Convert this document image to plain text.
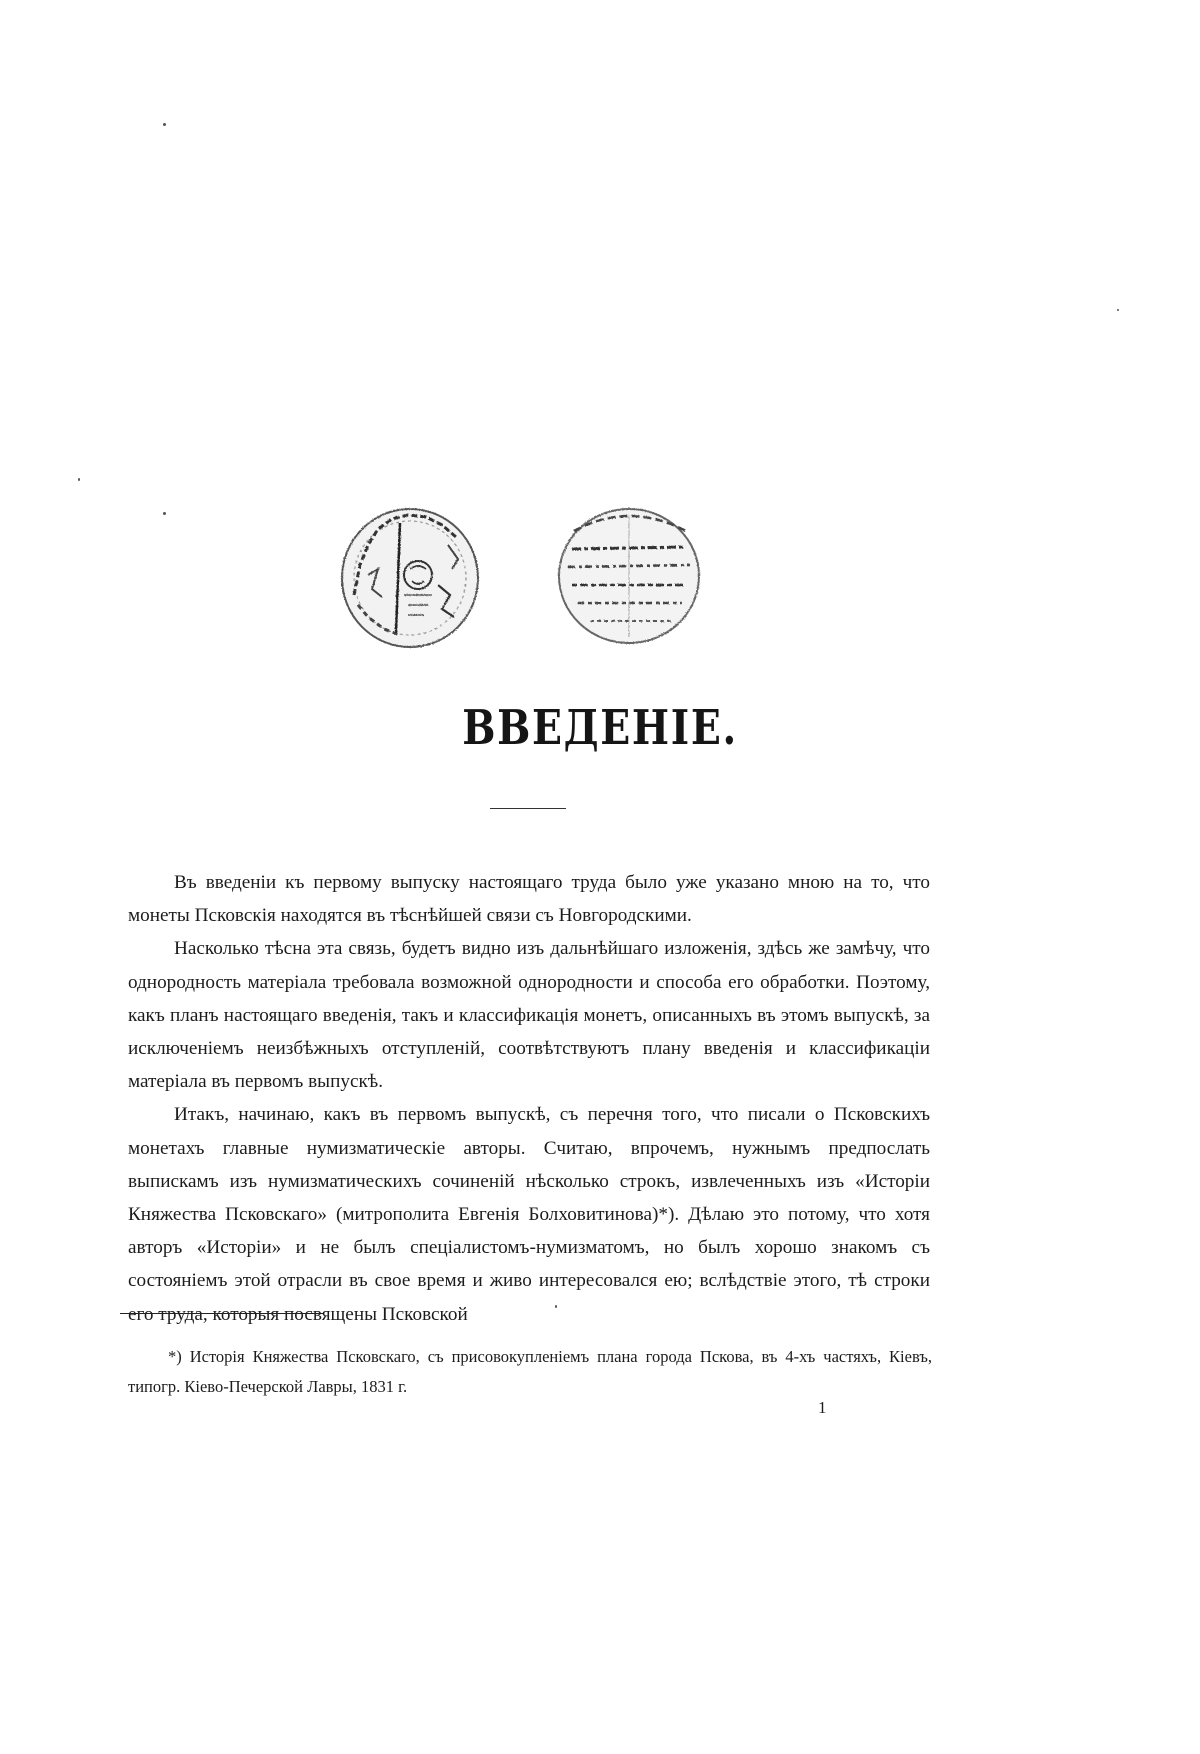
ВВЕДЕНІЕ.

Въ введеніи къ первому выпуску настоящаго труда было уже указано мною на то, что монеты Псковскія находятся въ тѣснѣйшей связи съ Новгородскими.

Насколько тѣсна эта связь, будетъ видно изъ дальнѣйшаго изложенія, здѣсь же замѣчу, что однородность матеріала требовала возможной однородности и способа его обработки. Поэтому, какъ планъ настоящаго введенія, такъ и классификація монетъ, описанныхъ въ этомъ выпускѣ, за исключеніемъ неизбѣжныхъ отступленій, соотвѣтствуютъ плану введенія и классификаціи матеріала въ первомъ выпускѣ.

Итакъ, начинаю, какъ въ первомъ выпускѣ, съ перечня того, что писали о Псковскихъ монетахъ главные нумизматическіе авторы. Считаю, впрочемъ, нужнымъ предпослать выпискамъ изъ нумизматическихъ сочиненій нѣсколько строкъ, извлеченныхъ изъ «Исторіи Княжества Псковскаго» (митрополита Евгенія Болховитинова)*). Дѣлаю это потому, что хотя авторъ «Исторіи» и не былъ спеціалистомъ-нумизматомъ, но былъ хорошо знакомъ съ состояніемъ этой отрасли въ свое время и живо интересовался ею; вслѣдствіе этого, тѣ строки его труда, которыя посвящены Псковской

*) Исторія Княжества Псковскаго, съ присовокупленіемъ плана города Пскова, въ 4-хъ частяхъ, Кіевъ, типогр. Кіево-Печерской Лавры, 1831 г.

1
